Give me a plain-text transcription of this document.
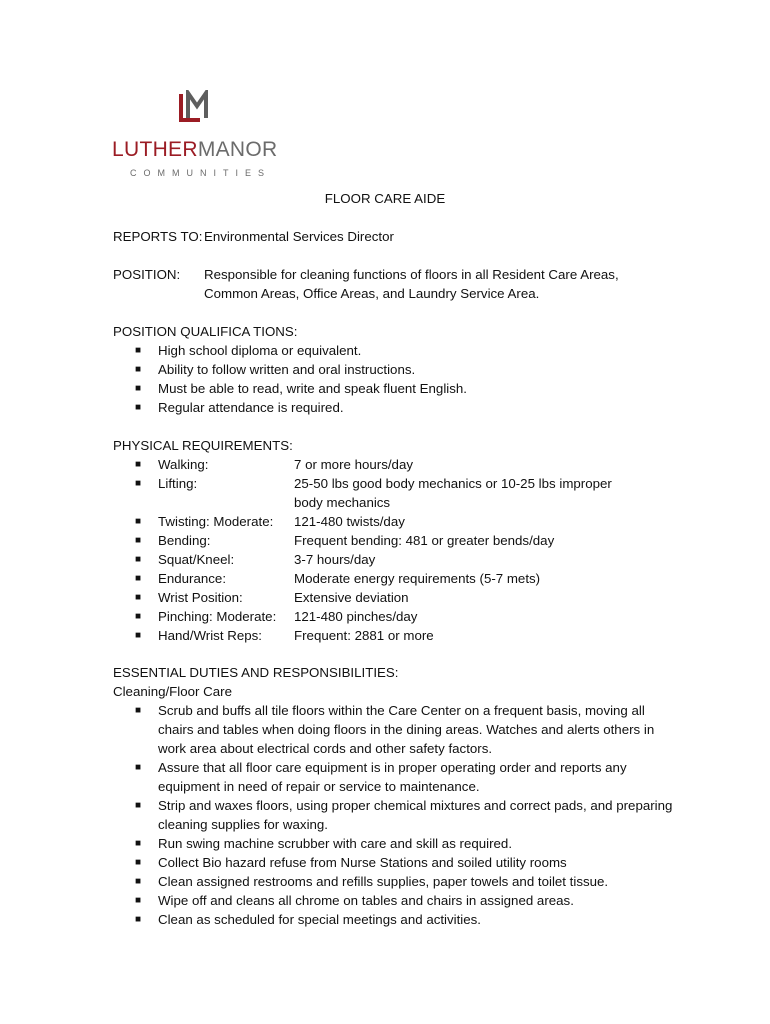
LUTHERMANOR
COMMUNITIES
FLOOR CARE AIDE
REPORTS TO: Environmental Services Director
POSITION: Responsible for cleaning functions of floors in all Resident Care Areas,
Common Areas, Office Areas, and Laundry Service Area.
POSITION QUALIFICA TIONS:
■ High school diploma or equivalent.
■ Ability to follow written and oral instructions.
■ Must be able to read, write and speak fluent English.
■ Regular attendance is required.
PHYSICAL REQUIREMENTS:
■ Walking:	7 or more hours/day
■ Lifting:	25-50 lbs good body mechanics or 10-25 lbs improper body mechanics
■ Twisting: Moderate:	121-480 twists/day
■ Bending:	Frequent bending: 481 or greater bends/day
■ Squat/Kneel:	3-7 hours/day
■ Endurance:	Moderate energy requirements (5-7 mets)
■ Wrist Position:	Extensive deviation
■ Pinching: Moderate:	121-480 pinches/day
■ Hand/Wrist Reps:	Frequent: 2881 or more
ESSENTIAL DUTIES AND RESPONSIBILITIES:
Cleaning/Floor Care
■ Scrub and buffs all tile floors within the Care Center on a frequent basis, moving all chairs and tables when doing floors in the dining areas. Watches and alerts others in work area about electrical cords and other safety factors.
■ Assure that all floor care equipment is in proper operating order and reports any equipment in need of repair or service to maintenance.
■ Strip and waxes floors, using proper chemical mixtures and correct pads, and preparing cleaning supplies for waxing.
■ Run swing machine scrubber with care and skill as required.
■ Collect Bio hazard refuse from Nurse Stations and soiled utility rooms
■ Clean assigned restrooms and refills supplies, paper towels and toilet tissue.
■ Wipe off and cleans all chrome on tables and chairs in assigned areas.
■ Clean as scheduled for special meetings and activities.
